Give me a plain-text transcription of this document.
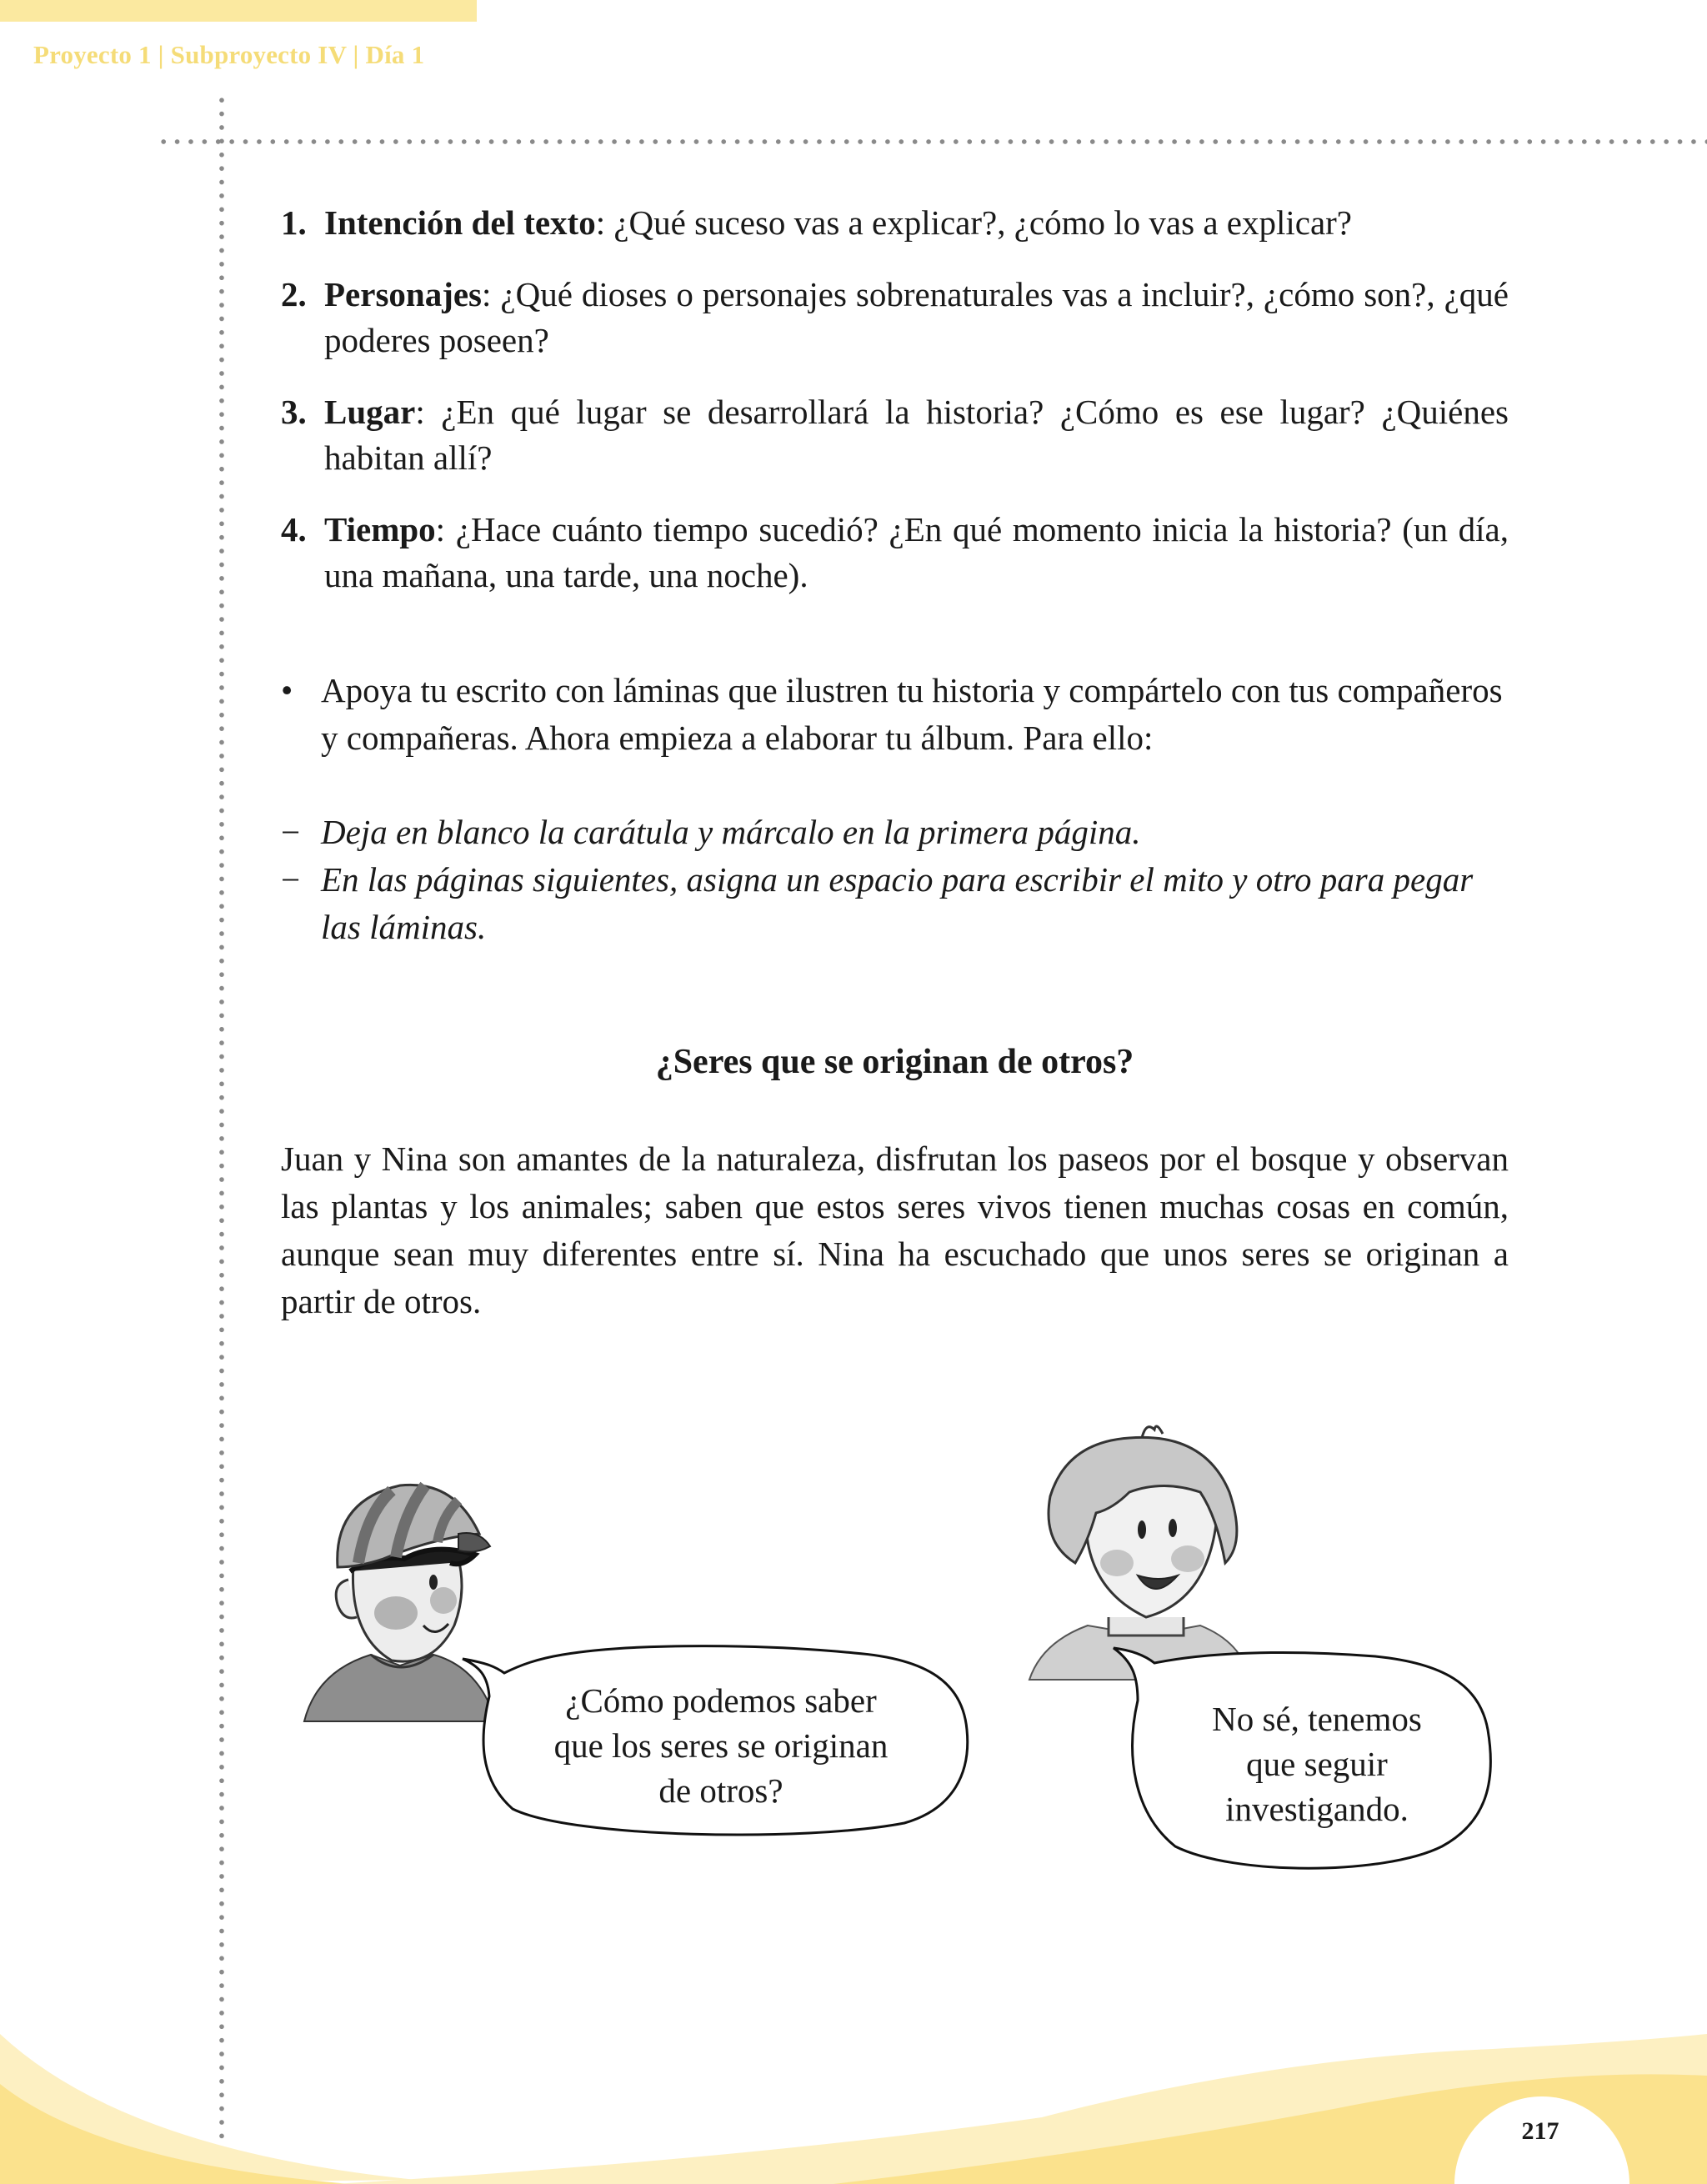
Proyecto 1 | Subproyecto IV | Día 1
1. Intención del texto: ¿Qué suceso vas a explicar?, ¿cómo lo vas a explicar?
2. Personajes: ¿Qué dioses o personajes sobrenaturales vas a incluir?, ¿cómo son?, ¿qué poderes poseen?
3. Lugar: ¿En qué lugar se desarrollará la historia? ¿Cómo es ese lugar? ¿Quiénes habitan allí?
4. Tiempo: ¿Hace cuánto tiempo sucedió? ¿En qué momento inicia la historia? (un día, una mañana, una tarde, una noche).
• Apoya tu escrito con láminas que ilustren tu historia y compártelo con tus compañeros y compañeras. Ahora empieza a elaborar tu álbum. Para ello:
− Deja en blanco la carátula y márcalo en la primera página.
− En las páginas siguientes, asigna un espacio para escribir el mito y otro para pegar las láminas.
¿Seres que se originan de otros?
Juan y Nina son amantes de la naturaleza, disfrutan los paseos por el bosque y observan las plantas y los animales; saben que estos seres vivos tienen muchas cosas en común, aunque sean muy diferentes entre sí. Nina ha escuchado que unos seres se originan a partir de otros.
¿Cómo podemos saber
que los seres se originan
de otros?
No sé, tenemos
que seguir
investigando.
217
